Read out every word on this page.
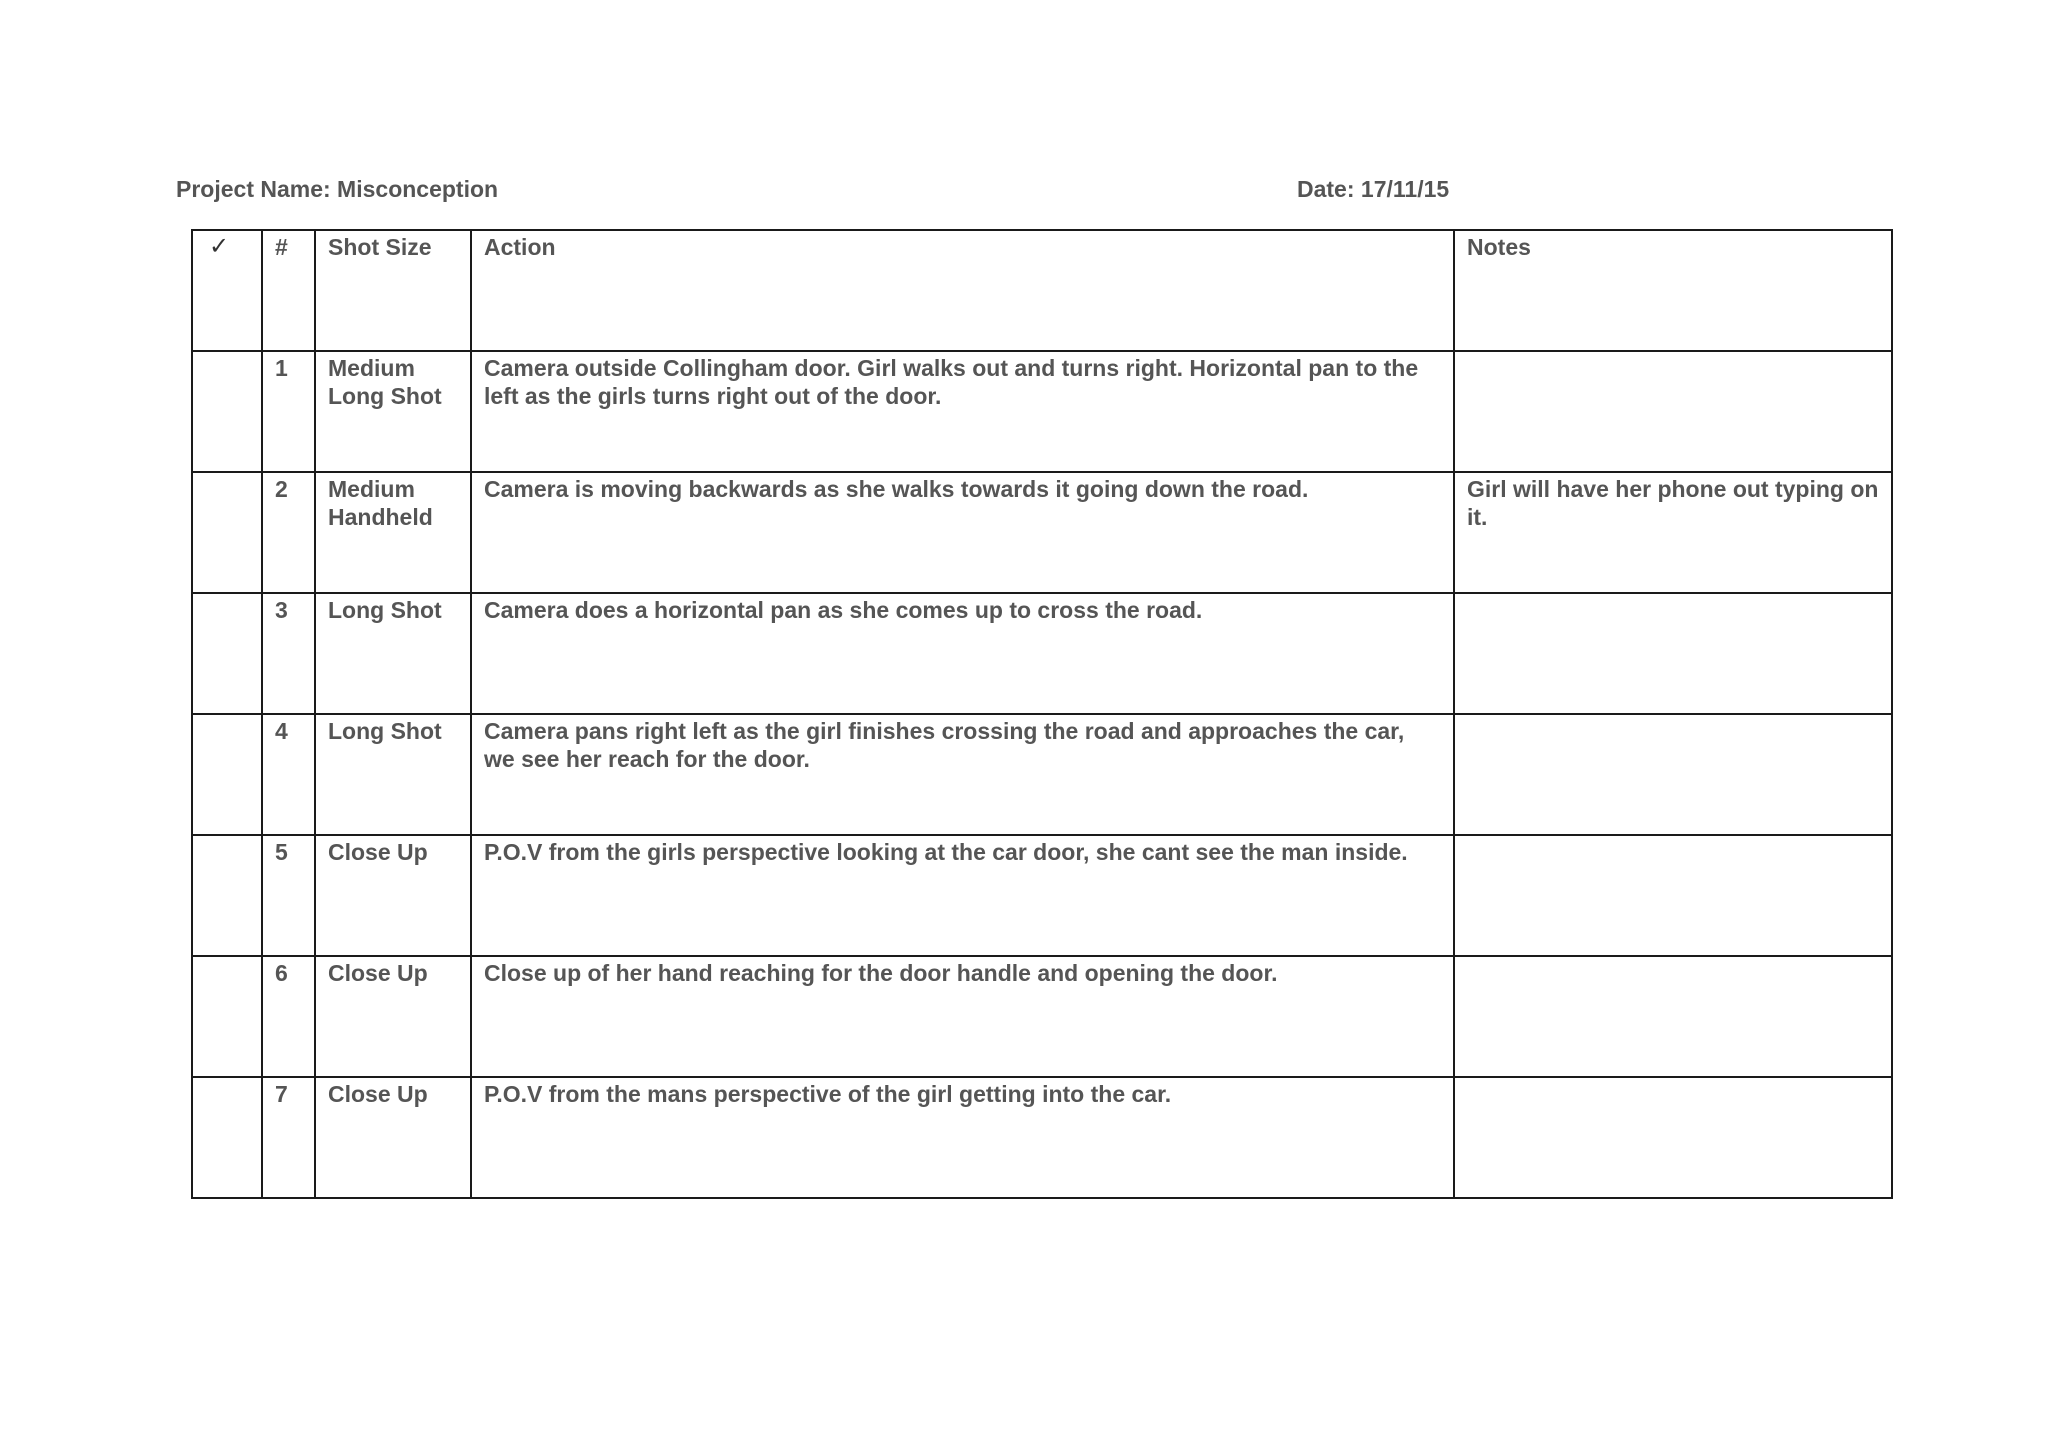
Project Name: Misconception	Date: 17/11/15
✓	#	Shot Size	Action	Notes

	1	Medium Long Shot	Camera outside Collingham door. Girl walks out and turns right. Horizontal pan to the left as the girls turns right out of the door.	

	2	Medium Handheld	Camera is moving backwards as she walks towards it going down the road.	Girl will have her phone out typing on it.

	3	Long Shot	Camera does a horizontal pan as she comes up to cross the road.	

	4	Long Shot	Camera pans right left as the girl finishes crossing the road and approaches the car, we see her reach for the door.	

	5	Close Up	P.O.V from the girls perspective looking at the car door, she cant see the man inside.	

	6	Close Up	Close up of her hand reaching for the door handle and opening the door.	

	7	Close Up	P.O.V from the mans perspective of the girl getting into the car.	
